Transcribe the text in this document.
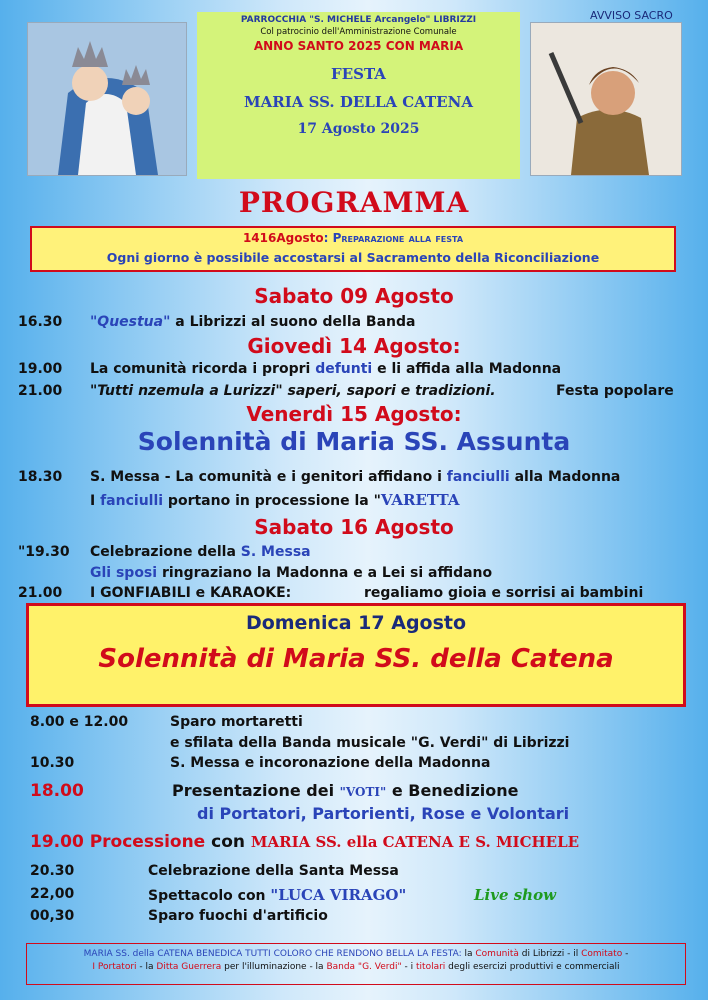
AVVISO SACRO
PARROCCHIA "S. MICHELE Arcangelo" LIBRIZZI
Col patrocinio dell'Amministrazione Comunale
ANNO SANTO 2025 CON MARIA
FESTA
MARIA SS. DELLA CATENA
17 Agosto 2025
PROGRAMMA
1416Agosto: Preparazione alla festa
Ogni giorno è possibile accostarsi al Sacramento della Riconciliazione
Sabato 09 Agosto
16.30 "Questua" a Librizzi al suono della Banda
Giovedì 14 Agosto:
19.00 La comunità ricorda i propri defunti e li affida alla Madonna
21.00 "Tutti nzemula a Lurizzi" saperi, sapori e tradizioni.	Festa popolare
Venerdì 15 Agosto:
Solennità di Maria SS. Assunta
18.30 S. Messa - La comunità e i genitori affidano i fanciulli alla Madonna
I fanciulli portano in processione la "VARETTA
Sabato 16 Agosto
"19.30 Celebrazione della S. Messa
Gli sposi ringraziano la Madonna e a Lei si affidano
21.00 I GONFIABILI e KARAOKE:	regaliamo gioia e sorrisi ai bambini
Domenica 17 Agosto
Solennità di Maria SS. della Catena
8.00 e 12.00	Sparo mortaretti
e sfilata della Banda musicale "G. Verdi" di Librizzi
10.30	S. Messa e incoronazione della Madonna
18.00	Presentazione dei "VOTI" e Benedizione
di Portatori, Partorienti, Rose e Volontari
19.00 Processione con MARIA SS. ella CATENA E S. MICHELE
20.30	Celebrazione della Santa Messa
22,00	Spettacolo con "LUCA VIRAGO"	Live show
00,30	Sparo fuochi d'artificio
MARIA SS. della CATENA BENEDICA TUTTI COLORO CHE RENDONO BELLA LA FESTA: la Comunità di Librizzi - il Comitato -
I Portatori - la Ditta Guerrera per l'illuminazione - la Banda "G. Verdi" - i titolari degli esercizi produttivi e commerciali
